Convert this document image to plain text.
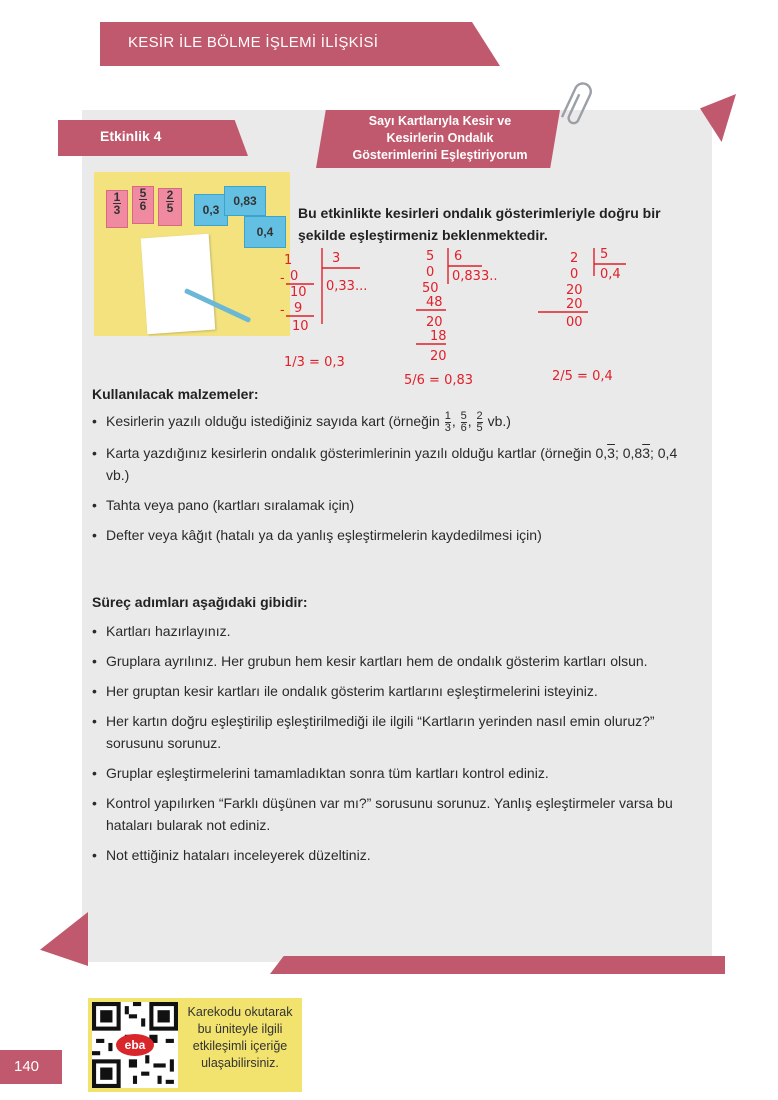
KESİR İLE BÖLME İŞLEMİ İLİŞKİSİ
Etkinlik 4
Sayı Kartlarıyla Kesir ve
Kesirlerin Ondalık
Gösterimlerini Eşleştiriyorum
$\frac{1}{3} \frac{5}{6} \frac{2}{5}$	0,3
0,83
0,4
Bu etkinlikte kesirleri ondalık gösterimleriyle doğru bir şekilde eşleştirmeniz beklenmektedir.
1	3
- 0
10
- 9
10
0,33...
1/3 = 0,3
5 6
0
50
48
20
18
20
0,833..
5/6 = 0,83
2 5
0
20
20
00
0,4
2/5 = 0,4
Kullanılacak malzemeler:
• Kesirlerin yazılı olduğu istediğiniz sayıda kart (örneğin $\frac{1}{3}$ , $\frac{5}{6}$ , $\frac{2}{5} vb$.)
• Karta yazdığınız kesirlerin ondalık gösterimlerinin yazılı olduğu kartlar (örneğin 0,3; 0,83; 0,4 vb.)
• Tahta veya pano (kartları sıralamak için)
• Defter veya kâğıt (hatalı ya da yanlış eşleştirmelerin kaydedilmesi için)
Süreç adımları aşağıdaki gibidir:
• Kartları hazırlayınız.
• Gruplara ayrılınız. Her grubun hem kesir kartları hem de ondalık gösterim kartları olsun.
• Her gruptan kesir kartları ile ondalık gösterim kartlarını eşleştirmelerini isteyiniz.
• Her kartın doğru eşleştirilip eşleştirilmediği ile ilgili “Kartların yerinden nasıl emin oluruz?” sorusunu sorunuz.
• Gruplar eşleştirmelerini tamamladıktan sonra tüm kartları kontrol ediniz.
• Kontrol yapılırken “Farklı düşünen var mı?” sorusunu sorunuz. Yanlış eşleştirmeler varsa bu hataları bularak not ediniz.
• Not ettiğiniz hataları inceleyerek düzeltiniz.
eba
Karekodu okutarak bu üniteyle ilgili etkileşimli içeriğe ulaşabilirsiniz.
140
